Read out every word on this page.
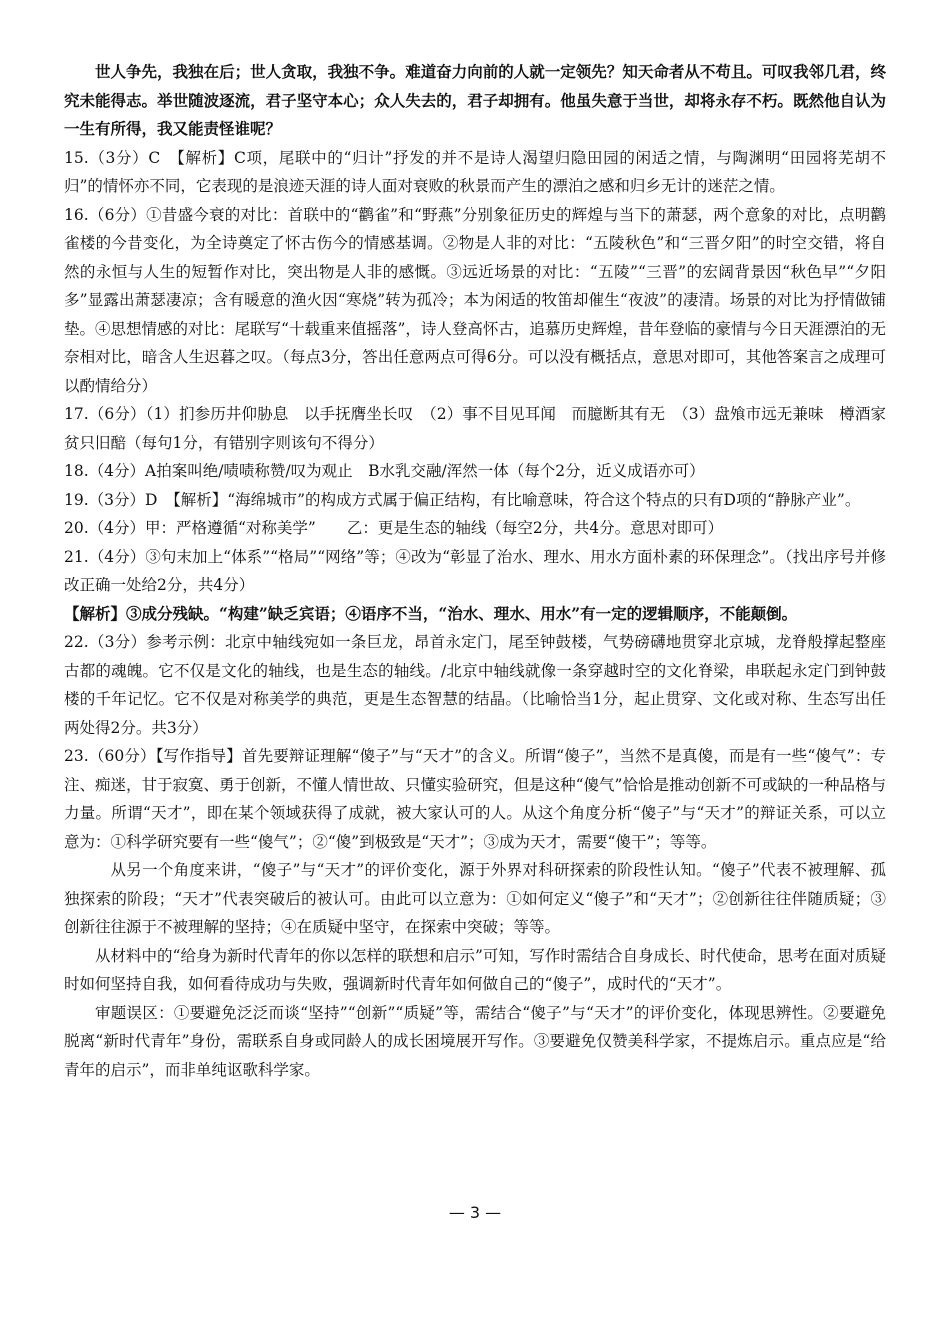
世人争先，我独在后；世人贪取，我独不争。难道奋力向前的人就一定领先？知天命者从不苟且。可叹我邻几君，终究未能得志。举世随波逐流，君子坚守本心；众人失去的，君子却拥有。他虽失意于当世，却将永存不朽。既然他自认为一生有所得，我又能责怪谁呢？

15.（3分）C　【解析】C项，尾联中的“归计”抒发的并不是诗人渴望归隐田园的闲适之情，与陶渊明“田园将芜胡不归”的情怀亦不同，它表现的是浪迹天涯的诗人面对衰败的秋景而产生的漂泊之感和归乡无计的迷茫之情。

16.（6分）①昔盛今衰的对比：首联中的“鹳雀”和“野燕”分别象征历史的辉煌与当下的萧瑟，两个意象的对比，点明鹳雀楼的今昔变化，为全诗奠定了怀古伤今的情感基调。②物是人非的对比：“五陵秋色”和“三晋夕阳”的时空交错，将自然的永恒与人生的短暂作对比，突出物是人非的感慨。③远近场景的对比：“五陵”“三晋”的宏阔背景因“秋色早”“夕阳多”显露出萧瑟凄凉；含有暖意的渔火因“寒烧”转为孤冷；本为闲适的牧笛却催生“夜波”的凄清。场景的对比为抒情做铺垫。④思想情感的对比：尾联写“十载重来值摇落”，诗人登高怀古，追慕历史辉煌，昔年登临的豪情与今日天涯漂泊的无奈相对比，暗含人生迟暮之叹。（每点3分，答出任意两点可得6分。可以没有概括点，意思对即可，其他答案言之成理可以酌情给分）

17.（6分）（1）扪参历井仰胁息　以手抚膺坐长叹　（2）事不目见耳闻　而臆断其有无　（3）盘飧市远无兼味　樽酒家贫只旧醅（每句1分，有错别字则该句不得分）

18.（4分）A拍案叫绝/啧啧称赞/叹为观止　B水乳交融/浑然一体（每个2分，近义成语亦可）

19.（3分）D　【解析】“海绵城市”的构成方式属于偏正结构，有比喻意味，符合这个特点的只有D项的“静脉产业”。

20.（4分）甲：严格遵循“对称美学”　　乙：更是生态的轴线（每空2分，共4分。意思对即可）

21.（4分）③句末加上“体系”“格局”“网络”等；④改为“彰显了治水、理水、用水方面朴素的环保理念”。（找出序号并修改正确一处给2分，共4分）

【解析】③成分残缺。“构建”缺乏宾语；④语序不当，“治水、理水、用水”有一定的逻辑顺序，不能颠倒。

22.（3分）参考示例：北京中轴线宛如一条巨龙，昂首永定门，尾至钟鼓楼，气势磅礴地贯穿北京城，龙脊般撑起整座古都的魂魄。它不仅是文化的轴线，也是生态的轴线。/北京中轴线就像一条穿越时空的文化脊梁，串联起永定门到钟鼓楼的千年记忆。它不仅是对称美学的典范，更是生态智慧的结晶。（比喻恰当1分，起止贯穿、文化或对称、生态写出任两处得2分。共3分）

23.（60分）【写作指导】首先要辩证理解“傻子”与“天才”的含义。所谓“傻子”，当然不是真傻，而是有一些“傻气”：专注、痴迷，甘于寂寞、勇于创新，不懂人情世故、只懂实验研究，但是这种“傻气”恰恰是推动创新不可或缺的一种品格与力量。所谓“天才”，即在某个领域获得了成就，被大家认可的人。从这个角度分析“傻子”与“天才”的辩证关系，可以立意为：①科学研究要有一些“傻气”；②“傻”到极致是“天才”；③成为天才，需要“傻干”；等等。

从另一个角度来讲，“傻子”与“天才”的评价变化，源于外界对科研探索的阶段性认知。“傻子”代表不被理解、孤独探索的阶段；“天才”代表突破后的被认可。由此可以立意为：①如何定义“傻子”和“天才”；②创新往往伴随质疑；③创新往往源于不被理解的坚持；④在质疑中坚守，在探索中突破；等等。

从材料中的“给身为新时代青年的你以怎样的联想和启示”可知，写作时需结合自身成长、时代使命，思考在面对质疑时如何坚持自我，如何看待成功与失败，强调新时代青年如何做自己的“傻子”，成时代的“天才”。

审题误区：①要避免泛泛而谈“坚持”“创新”“质疑”等，需结合“傻子”与“天才”的评价变化，体现思辨性。②要避免脱离“新时代青年”身份，需联系自身或同龄人的成长困境展开写作。③要避免仅赞美科学家，不提炼启示。重点应是“给青年的启示”，而非单纯讴歌科学家。

— 3 —
